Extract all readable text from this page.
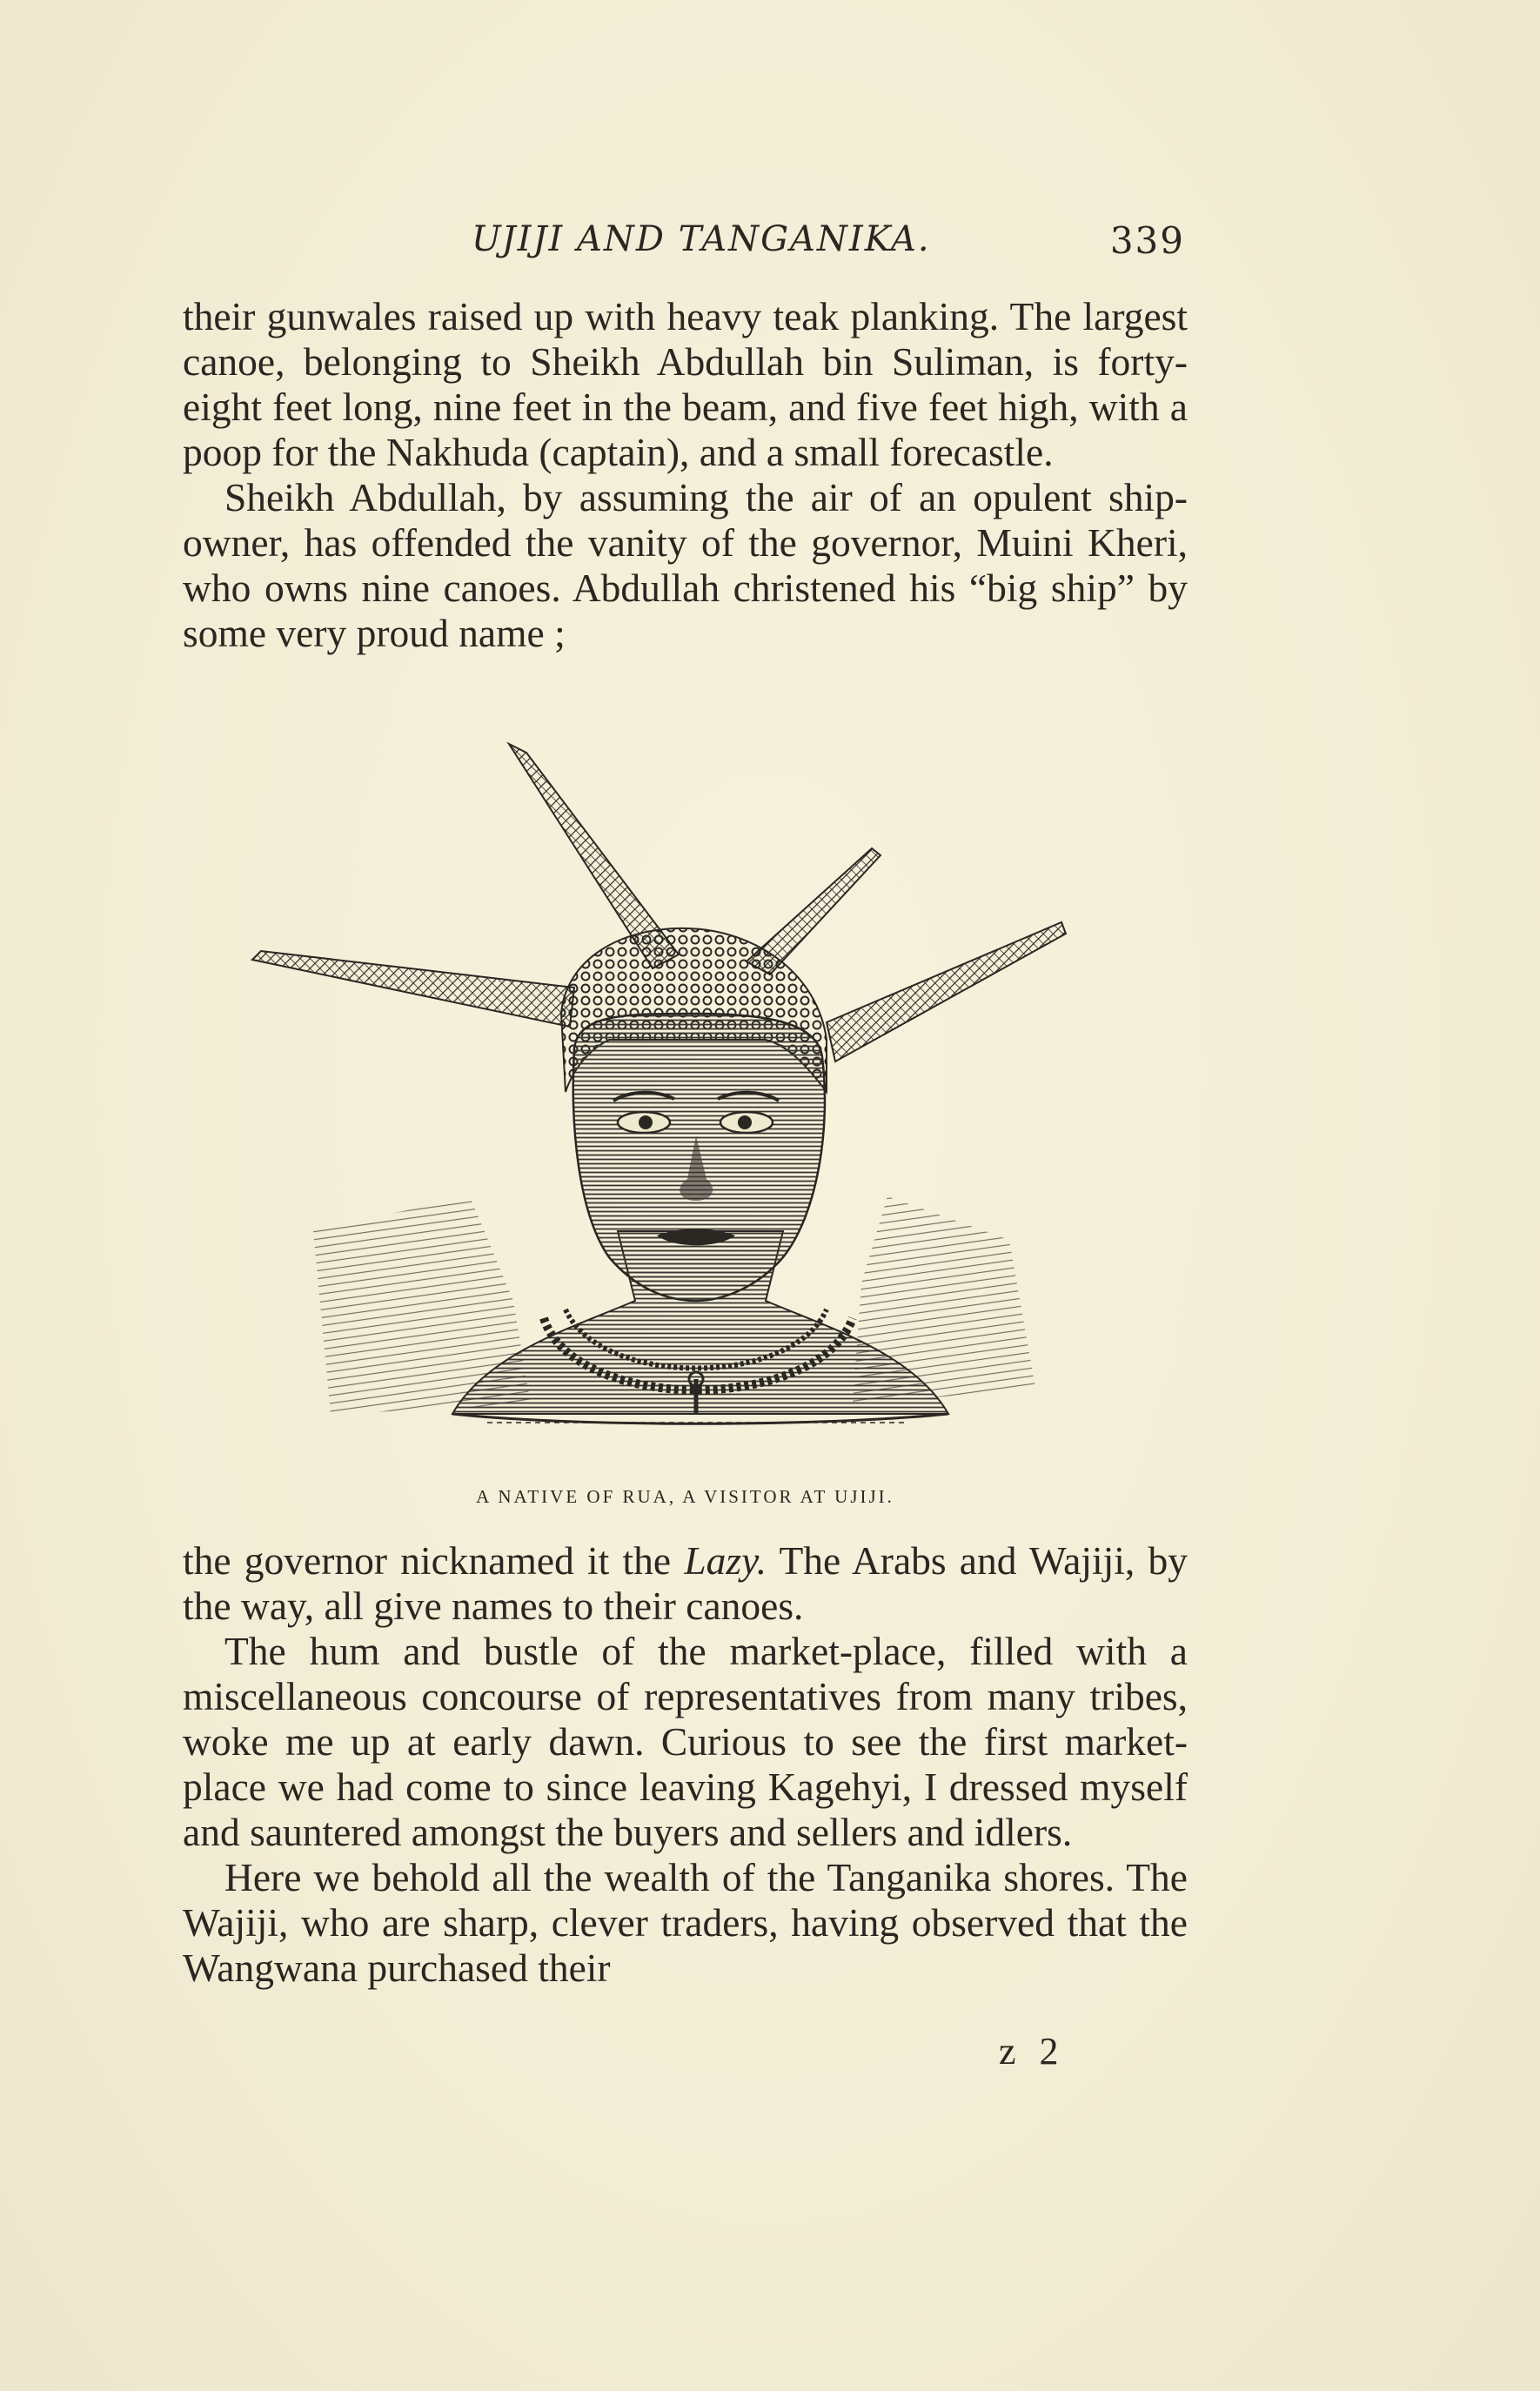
UJIJI AND TANGANIKA.	339

their gunwales raised up with heavy teak planking. The largest canoe, belonging to Sheikh Abdullah bin Suliman, is forty-eight feet long, nine feet in the beam, and five feet high, with a poop for the Nakhuda (captain), and a small forecastle.

Sheikh Abdullah, by assuming the air of an opulent ship-owner, has offended the vanity of the governor, Muini Kheri, who owns nine canoes. Abdullah christened his “big ship” by some very proud name ;

A NATIVE OF RUA, A VISITOR AT UJIJI.

the governor nicknamed it the Lazy. The Arabs and Wajiji, by the way, all give names to their canoes.

The hum and bustle of the market-place, filled with a miscellaneous concourse of representatives from many tribes, woke me up at early dawn. Curious to see the first market-place we had come to since leaving Kagehyi, I dressed myself and sauntered amongst the buyers and sellers and idlers.

Here we behold all the wealth of the Tanganika shores. The Wajiji, who are sharp, clever traders, having observed that the Wangwana purchased their

z 2
